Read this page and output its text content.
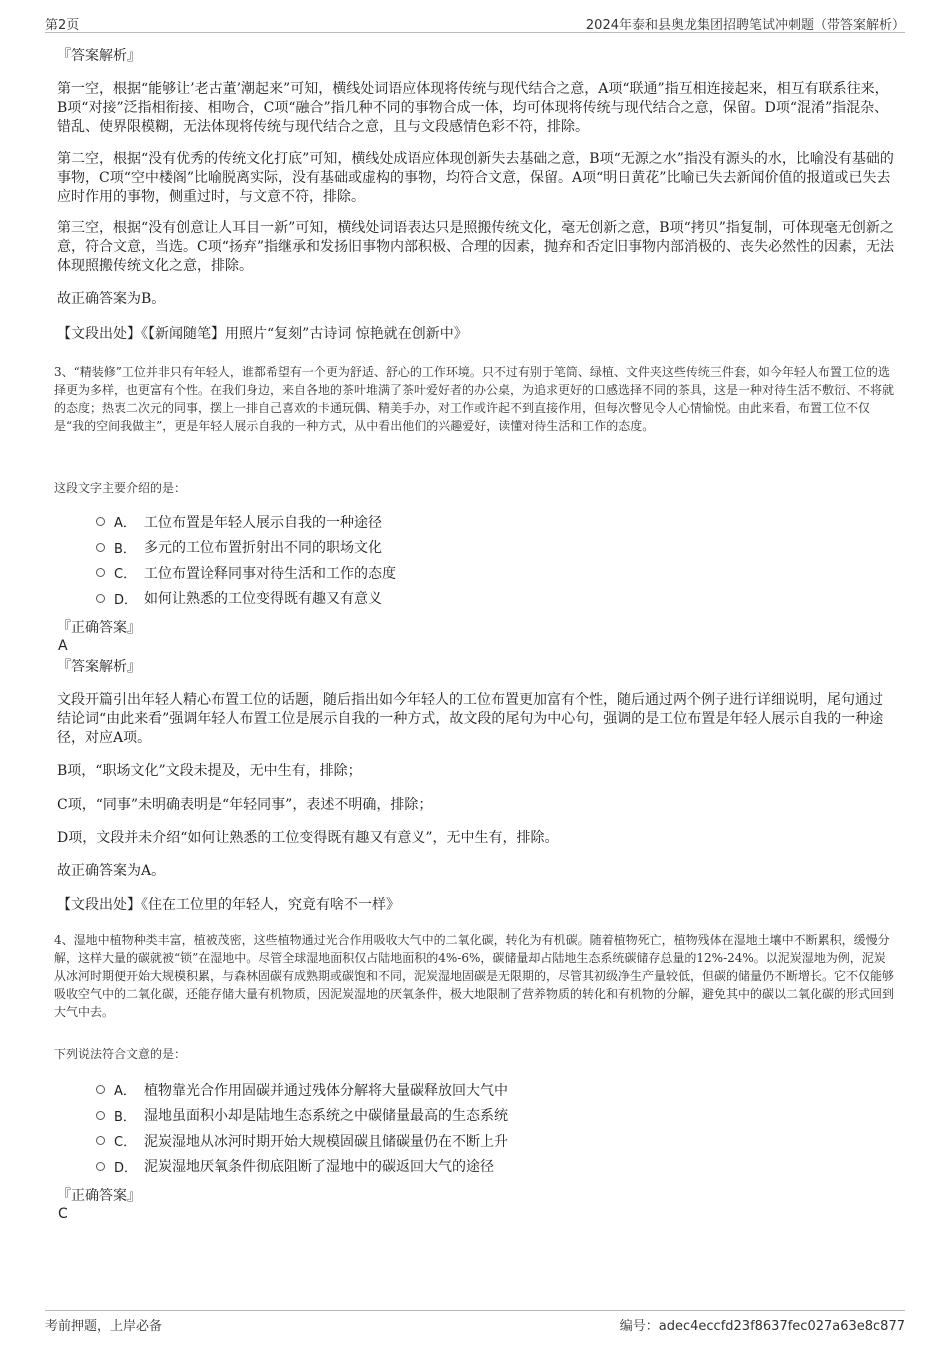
第2页	2024年泰和县奥龙集团招聘笔试冲刺题（带答案解析）

『答案解析』

第一空，根据“能够让’老古董’潮起来”可知，横线处词语应体现将传统与现代结合之意，A项“联通”指互相连接起来，相互有联系往来，B项“对接”泛指相衔接、相吻合，C项“融合”指几种不同的事物合成一体，均可体现将传统与现代结合之意，保留。D项“混淆”指混杂、错乱、使界限模糊，无法体现将传统与现代结合之意，且与文段感情色彩不符，排除。

第二空，根据“没有优秀的传统文化打底”可知，横线处成语应体现创新失去基础之意，B项“无源之水”指没有源头的水，比喻没有基础的事物，C项“空中楼阁”比喻脱离实际，没有基础或虚构的事物，均符合文意，保留。A项“明日黄花”比喻已失去新闻价值的报道或已失去应时作用的事物，侧重过时，与文意不符，排除。

第三空，根据“没有创意让人耳目一新”可知，横线处词语表达只是照搬传统文化，毫无创新之意，B项“拷贝”指复制，可体现毫无创新之意，符合文意，当选。C项“扬弃”指继承和发扬旧事物内部积极、合理的因素，抛弃和否定旧事物内部消极的、丧失必然性的因素，无法体现照搬传统文化之意，排除。

故正确答案为B。

【文段出处】《【新闻随笔】用照片“复刻”古诗词 惊艳就在创新中》

3、“精装修”工位并非只有年轻人，谁都希望有一个更为舒适、舒心的工作环境。只不过有别于笔筒、绿植、文件夹这些传统三件套，如今年轻人布置工位的选择更为多样，也更富有个性。在我们身边，来自各地的茶叶堆满了茶叶爱好者的办公桌，为追求更好的口感选择不同的茶具，这是一种对待生活不敷衍、不将就的态度；热衷二次元的同事，摆上一排自己喜欢的卡通玩偶、精美手办，对工作或许起不到直接作用，但每次瞥见令人心情愉悦。由此来看，布置工位不仅是“我的空间我做主”，更是年轻人展示自我的一种方式，从中看出他们的兴趣爱好，读懂对待生活和工作的态度。

这段文字主要介绍的是：

A． 工位布置是年轻人展示自我的一种途径
B． 多元的工位布置折射出不同的职场文化
C． 工位布置诠释同事对待生活和工作的态度
D． 如何让熟悉的工位变得既有趣又有意义

『正确答案』

A

『答案解析』

文段开篇引出年轻人精心布置工位的话题，随后指出如今年轻人的工位布置更加富有个性，随后通过两个例子进行详细说明，尾句通过结论词“由此来看”强调年轻人布置工位是展示自我的一种方式，故文段的尾句为中心句，强调的是工位布置是年轻人展示自我的一种途径，对应A项。

B项，“职场文化”文段未提及，无中生有，排除；

C项，“同事”未明确表明是“年轻同事”，表述不明确，排除；

D项，文段并未介绍“如何让熟悉的工位变得既有趣又有意义”，无中生有，排除。

故正确答案为A。

【文段出处】《住在工位里的年轻人，究竟有啥不一样》

4、湿地中植物种类丰富，植被茂密，这些植物通过光合作用吸收大气中的二氧化碳，转化为有机碳。随着植物死亡，植物残体在湿地土壤中不断累积，缓慢分解，这样大量的碳就被“锁”在湿地中。尽管全球湿地面积仅占陆地面积的4%-6%，碳储量却占陆地生态系统碳储存总量的12%-24%。以泥炭湿地为例，泥炭从冰河时期便开始大规模积累，与森林固碳有成熟期或碳饱和不同，泥炭湿地固碳是无限期的，尽管其初级净生产量较低，但碳的储量仍不断增长。它不仅能够吸收空气中的二氧化碳，还能存储大量有机物质，因泥炭湿地的厌氧条件，极大地限制了营养物质的转化和有机物的分解，避免其中的碳以二氧化碳的形式回到大气中去。

下列说法符合文意的是：

A． 植物靠光合作用固碳并通过残体分解将大量碳释放回大气中
B． 湿地虽面积小却是陆地生态系统之中碳储量最高的生态系统
C． 泥炭湿地从冰河时期开始大规模固碳且储碳量仍在不断上升
D． 泥炭湿地厌氧条件彻底阻断了湿地中的碳返回大气的途径

『正确答案』

C

考前押题，上岸必备	编号：adec4eccfd23f8637fec027a63e8c877
